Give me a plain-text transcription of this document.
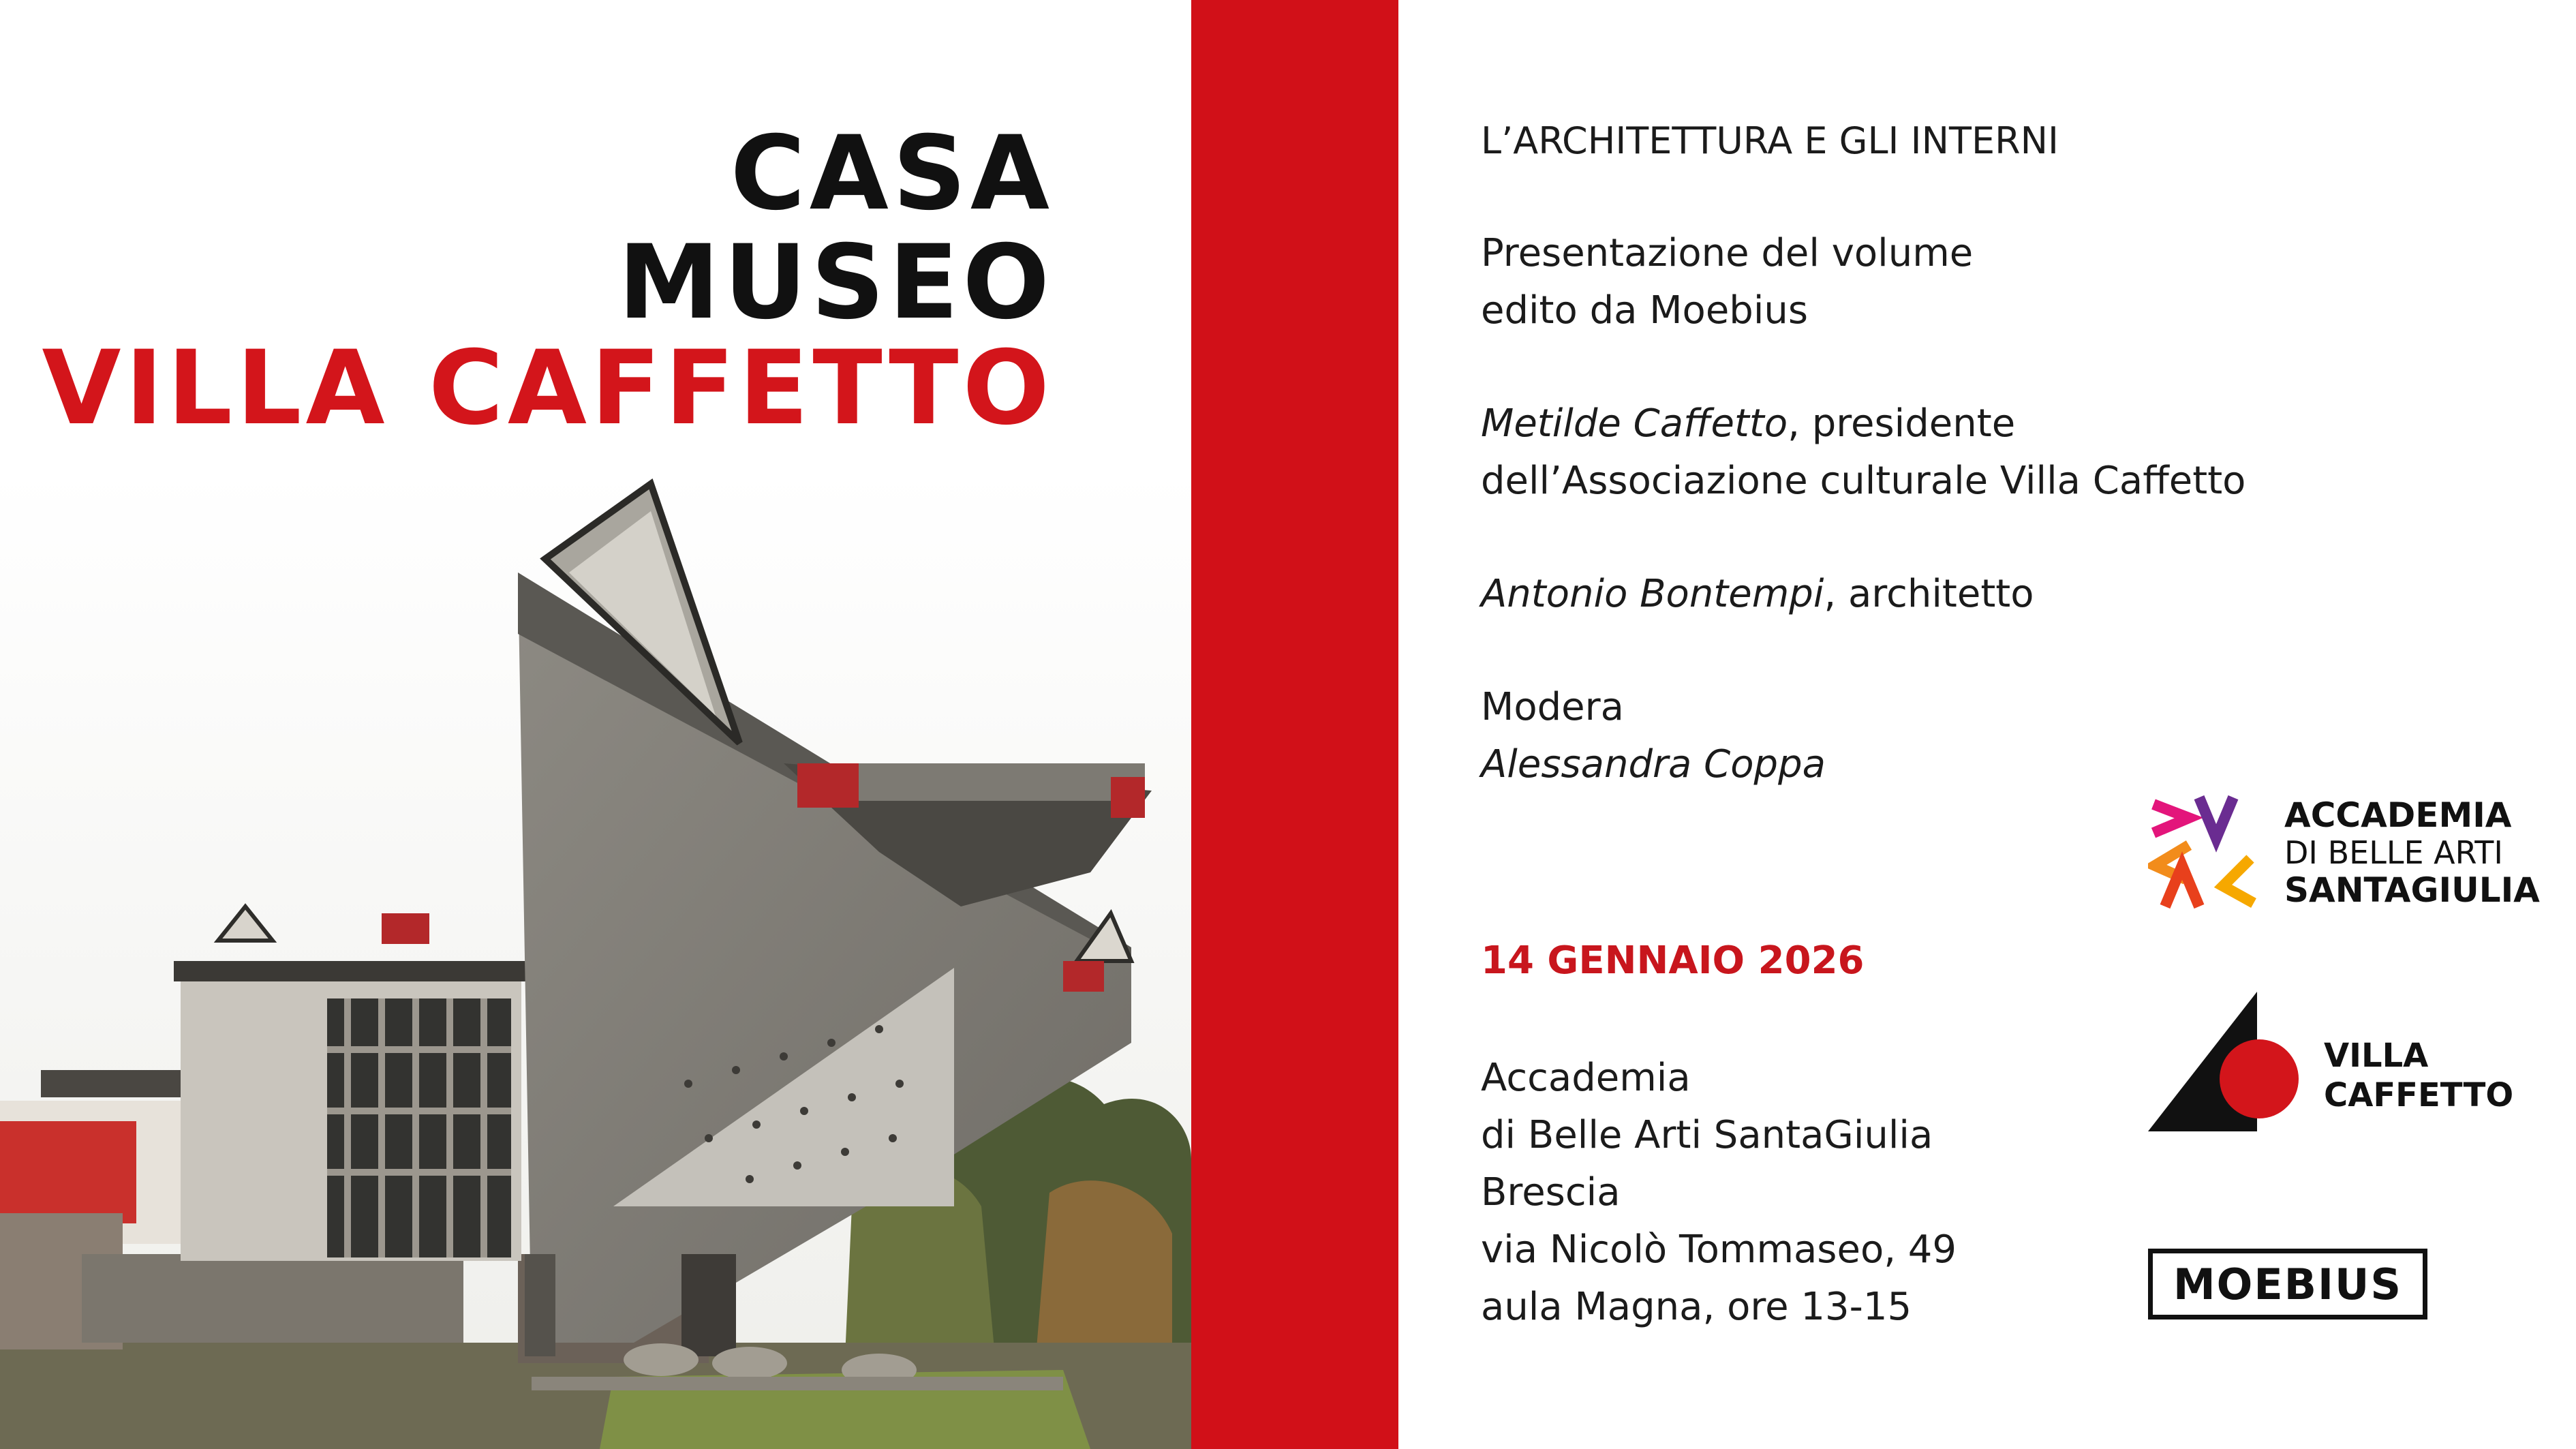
CASA
MUSEO
VILLA CAFFETTO

L’ARCHITETTURA E GLI INTERNI

Presentazione del volume

edito da Moebius

Metilde Caffetto, presidente

dell’Associazione culturale Villa Caffetto

Antonio Bontempi, architetto

Modera

Alessandra Coppa

14 GENNAIO 2026

Accademia

di Belle Arti SantaGiulia

Brescia

via Nicolò Tommaseo, 49

aula Magna, ore 13-15

ACCADEMIA
DI BELLE ARTI
SANTAGIULIA
VILLA
CAFFETTO
MOEBIUS
